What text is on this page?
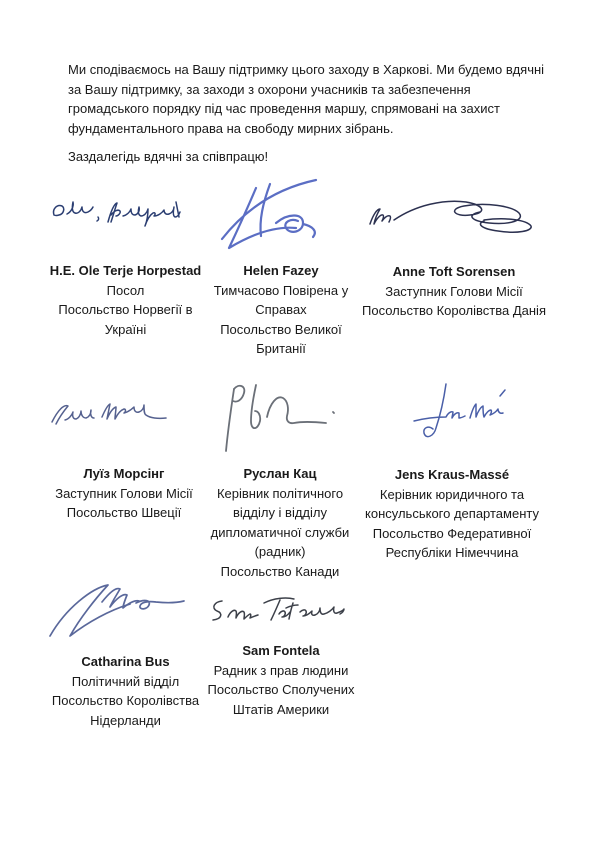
Ми сподіваємось на Вашу підтримку цього заходу в Харкові. Ми будемо вдячні
за Вашу підтримку, за заходи з охорони учасників та забезпечення
громадського порядку під час проведення маршу, спрямовані на захист
фундаментального права на свободу мирних зібрань.
Заздалегідь вдячні за співпрацю!
H.E. Ole Terje Horpestad
Посол
Посольство Норвегії в
Україні
Helen Fazey
Тимчасово Повірена у
Справах
Посольство Великої
Британії
Anne Toft Sorensen
Заступник Голови Місії
Посольство Королівства Данія
Луїз Морсінг
Заступник Голови Місії
Посольство Швеції
Руслан Кац
Керівник політичного
відділу і відділу
дипломатичної служби
(радник)
Посольство Канади
Jens Kraus-Massé
Керівник юридичного та
консульського департаменту
Посольство Федеративної
Республіки Німеччина
Catharina Bus
Політичний відділ
Посольство Королівства
Нідерланди
Sam Fontela
Радник з прав людини
Посольство Сполучених
Штатів Америки
